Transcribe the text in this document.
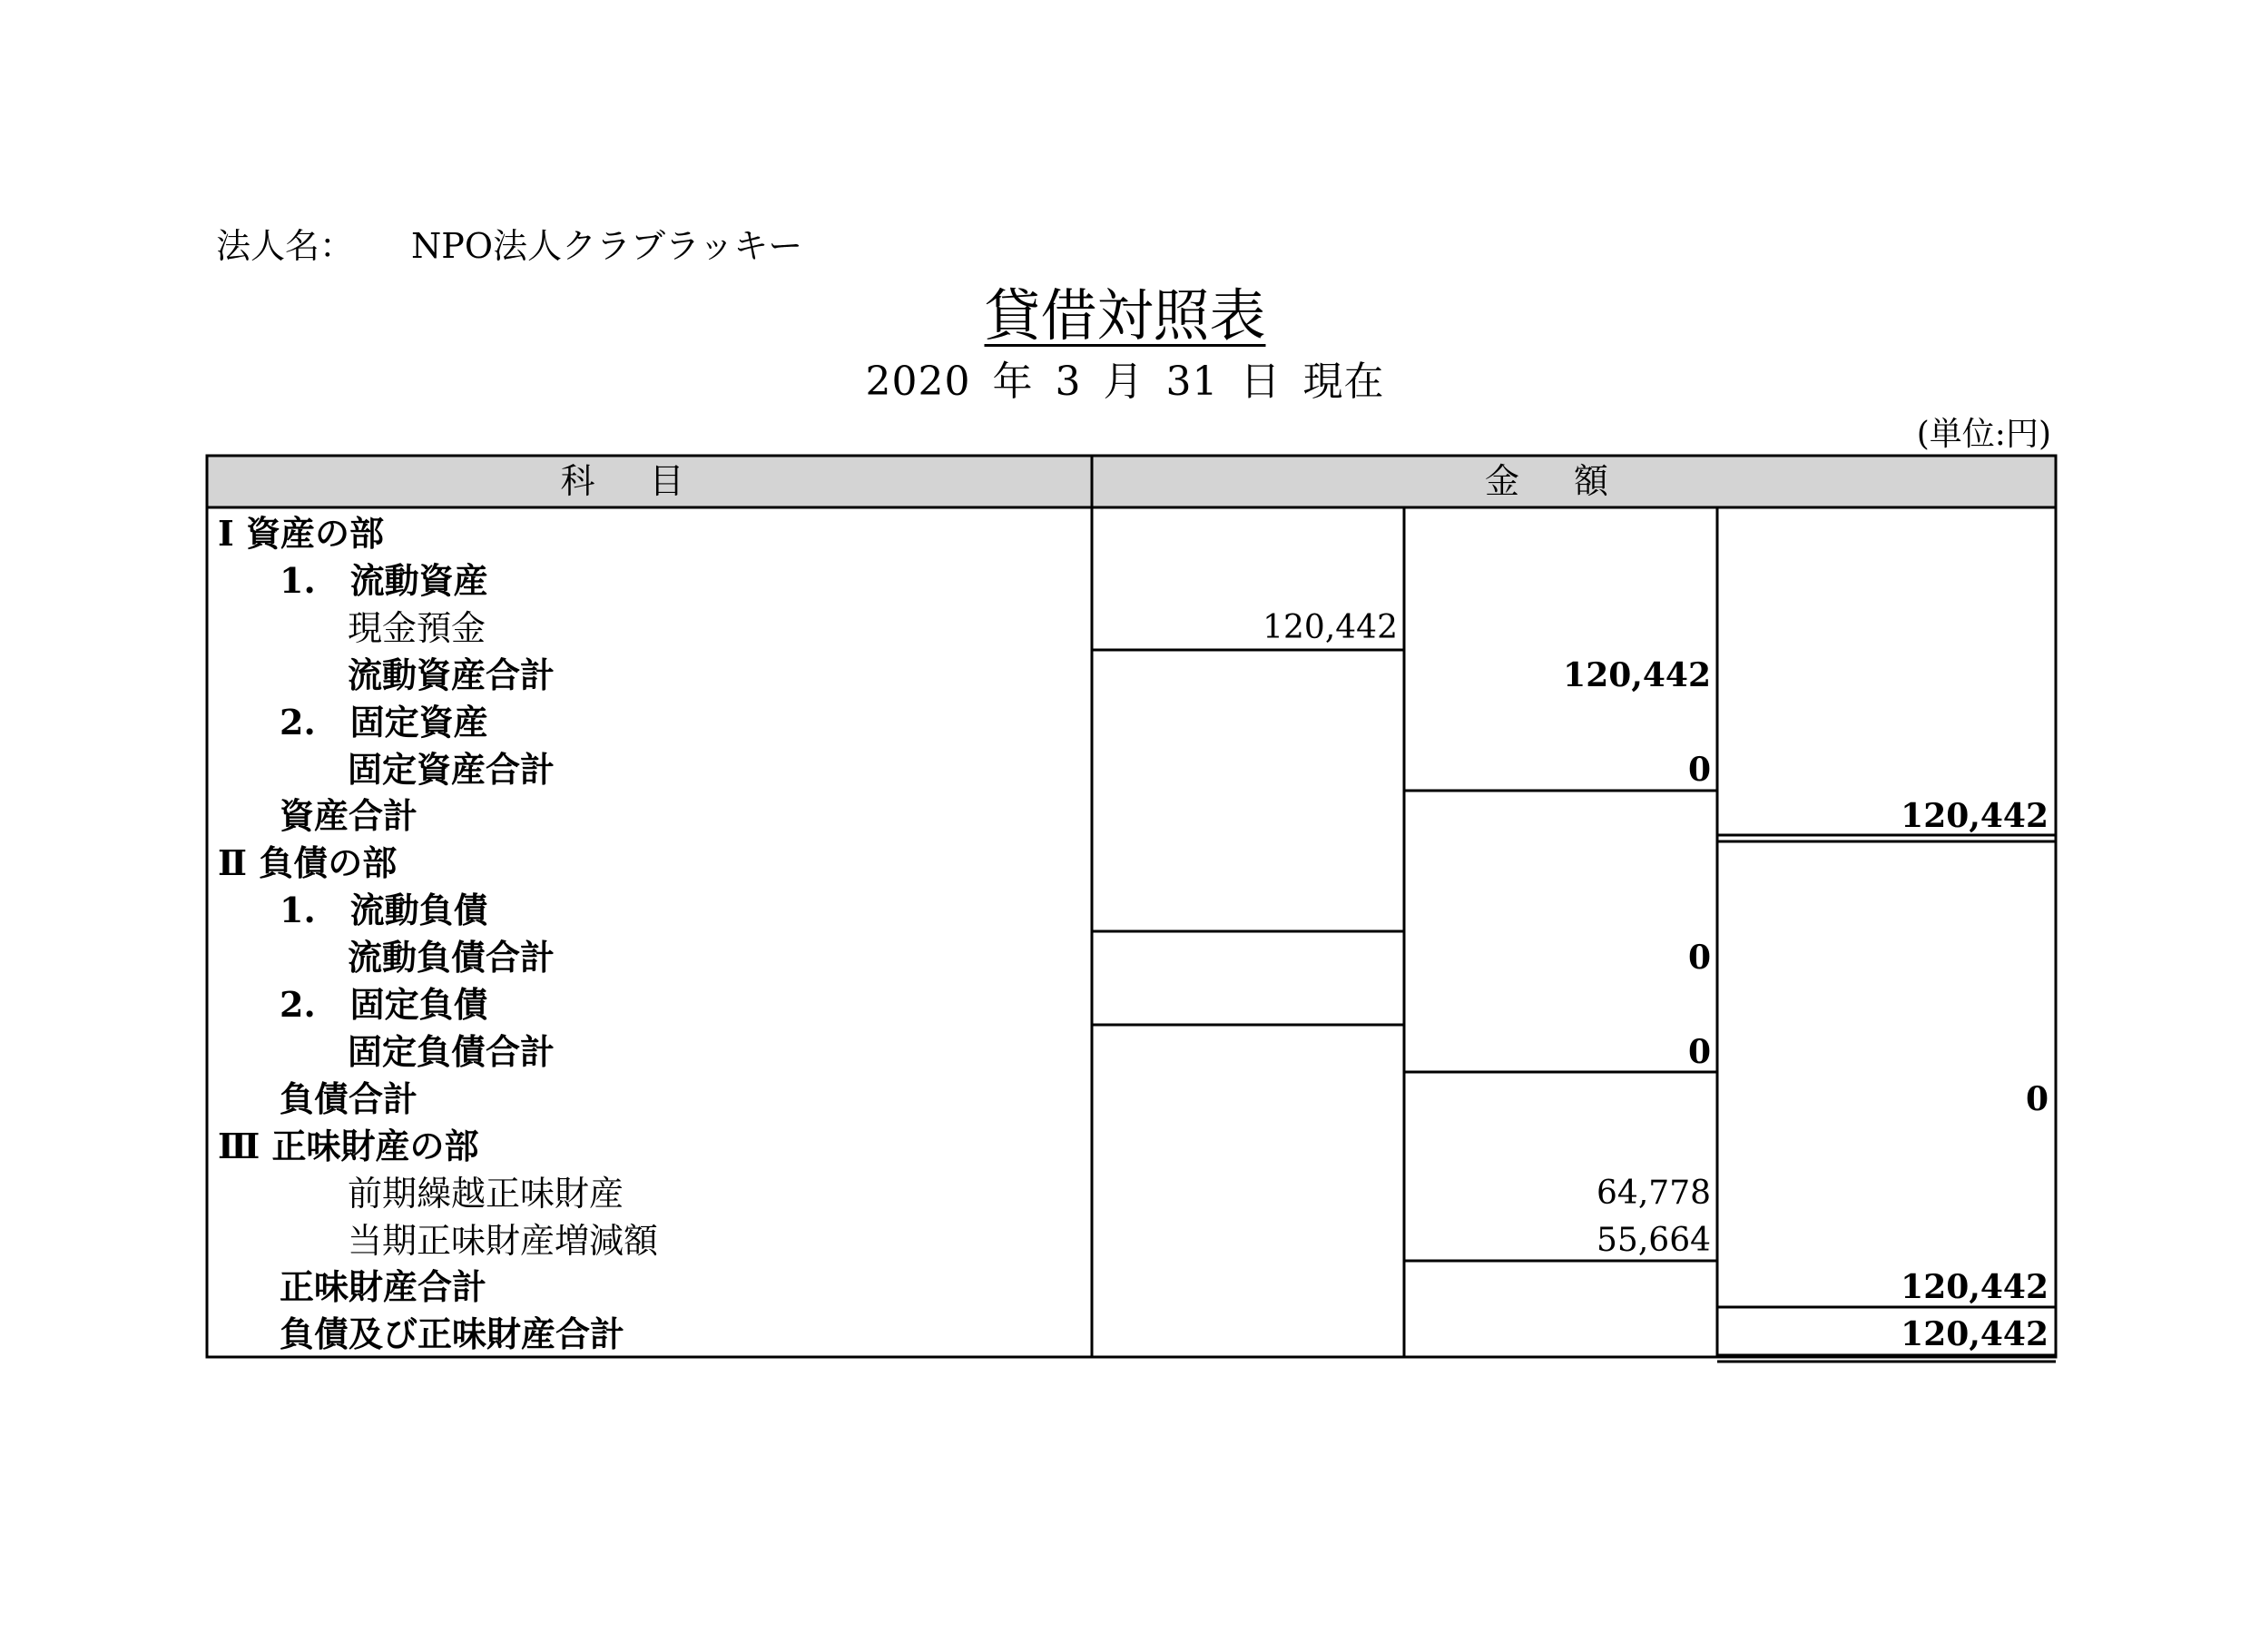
法人名：	NPO法人クラブラッキー
貸借対照表
2020 年 3 月 31 日 現在
(単位:円)
科目	金額
Ⅰ 資産の部
1.　流動資産
現金預金	120,442
流動資産合計	120,442
2.　固定資産
固定資産合計	0
資産合計	120,442
Ⅱ 負債の部
1.　流動負債
流動負債合計	0
2.　固定負債
固定負債合計	0
負債合計	0
Ⅲ 正味財産の部
前期繰越正味財産	64,778
当期正味財産増減額	55,664
正味財産合計	120,442
負債及び正味財産合計	120,442
